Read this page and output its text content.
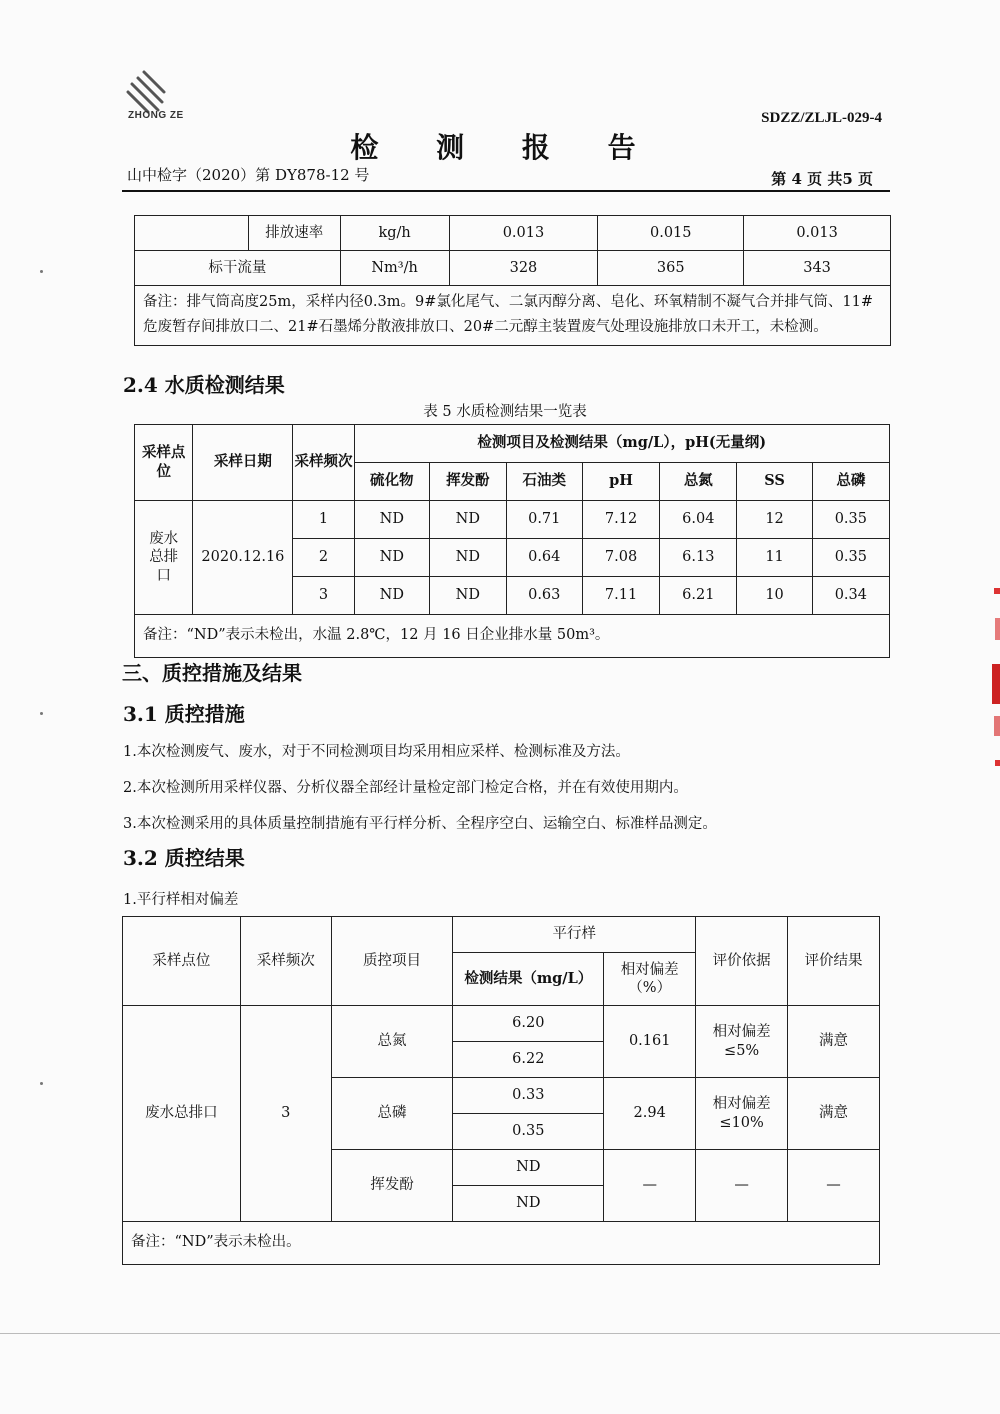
ZHONG ZE	SDZZ/ZLJL-029-4
检 测 报 告
山中检字（2020）第 DY878-12 号	第 4 页 共5 页
	排放速率	kg/h	0.013	0.015	0.013
标干流量		Nm³/h	328	365	343
备注：排气筒高度25m，采样内径0.3m。9#氯化尾气、二氯丙醇分离、皂化、环氧精制不凝气合并排气筒、11#危废暂存间排放口二、21#石墨烯分散液排放口、20#二元醇主装置废气处理设施排放口未开工，未检测。					
2.4 水质检测结果
表 5 水质检测结果一览表
采样点位	采样日期	采样频次	检测项目及检测结果（mg/L），pH(无量纲)						
			硫化物	挥发酚	石油类	pH	总氮	SS	总磷
废水总排口	2020.12.16	1	ND	ND	0.71	7.12	6.04	12	0.35
		2	ND	ND	0.64	7.08	6.13	11	0.35
		3	ND	ND	0.63	7.11	6.21	10	0.34
备注：“ND”表示未检出，水温 2.8℃，12 月 16 日企业排水量 50m³。									
三、质控措施及结果
3.1 质控措施
1.本次检测废气、废水，对于不同检测项目均采用相应采样、检测标准及方法。
2.本次检测所用采样仪器、分析仪器全部经计量检定部门检定合格，并在有效使用期内。
3.本次检测采用的具体质量控制措施有平行样分析、全程序空白、运输空白、标准样品测定。
3.2 质控结果
1.平行样相对偏差
采样点位	采样频次	质控项目	平行样		评价依据	评价结果
			检测结果（mg/L）	相对偏差（%）		
废水总排口	3	总氮	6.20	0.161	相对偏差≤5%	满意
			6.22			
		总磷	0.33	2.94	相对偏差≤10%	满意
			0.35			
		挥发酚	ND	—	—	—
			ND			
备注：“ND”表示未检出。						
